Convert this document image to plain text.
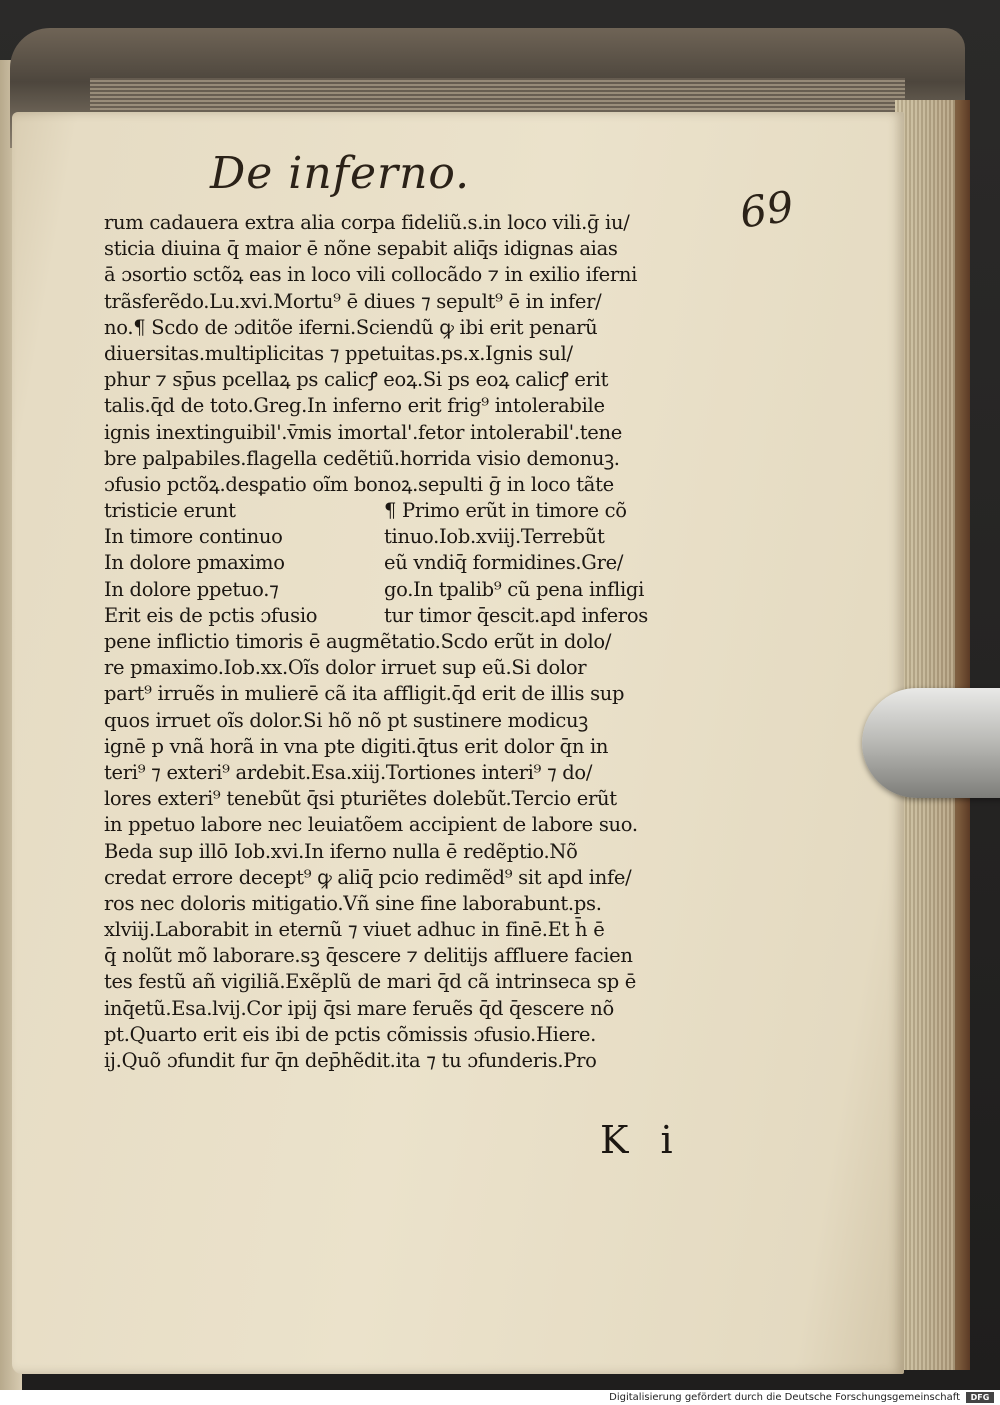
De inferno.
69
rum cadauera extra alia corpa fideliũ.s.in loco vili.ḡ iu/
sticia diuina q̄ maior ē nõne sepabit aliq̄s idignas aias
ā ɔsortio sctõꝝ eas in loco vili collocãdo ⁊ in exilio iferni
trãsferẽdo.Lu.xvi.Mortu⁹ ē diues ⁊ sepult⁹ ē in infer/
no.¶ Scdo de ɔditõe iferni.Sciendũ ꝙ ibi erit penarũ
diuersitas.multiplicitas ⁊ ppetuitas.ps.x.Ignis sul/
phur ⁊ sp̄us pcellaꝝ ps calicꝭ eoꝝ.Si ps eoꝝ calicꝭ erit
talis.q̄d de toto.Greg.In inferno erit frig⁹ intolerabile
ignis inextinguibil'.v̄mis imortal'.fetor intolerabil'.tene
bre palpabiles.flagella cedẽtiũ.horrida visio demonuꝫ.
ɔfusio pctõꝝ.desꝑatio oĩm bonoꝝ.sepulti ḡ in loco tãte
tristicie erunt
In timore continuo
In dolore pmaximo
In dolore ppetuo.⁊
Erit eis de pctis ɔfusio
¶ Primo erũt in timore cõ
tinuo.Iob.xviij.Terrebũt
eũ vndiq̄ formidines.Gre/
go.In tpalib⁹ cũ pena infligi
tur timor q̄escit.apd inferos
pene inflictio timoris ē augmẽtatio.Scdo erũt in dolo/
re pmaximo.Iob.xx.Oĩs dolor irruet sup eũ.Si dolor
part⁹ irruẽs in mulierē cã ita affligit.q̄d erit de illis sup
quos irruet oĩs dolor.Si hõ nõ pt sustinere modicuꝫ
ignē p vnã horã in vna pte digiti.q̄tus erit dolor q̄n in
teri⁹ ⁊ exteri⁹ ardebit.Esa.xiij.Tortiones interi⁹ ⁊ do/
lores exteri⁹ tenebũt q̄si pturiẽtes dolebũt.Tercio erũt
in ppetuo labore nec leuiatõem accipient de labore suo.
Beda sup illō Iob.xvi.In iferno nulla ē redẽptio.Nõ
credat errore decept⁹ ꝙ aliq̄ pcio redimẽd⁹ sit apd infe/
ros nec doloris mitigatio.Vñ sine fine laborabunt.ps.
xlviij.Laborabit in eternũ ⁊ viuet adhuc in finē.Et h̄ ē
q̄ nolũt mõ laborare.sꝫ q̄escere ⁊ delitijs affluere facien
tes festũ añ vigiliã.Exẽplũ de mari q̄d cã intrinseca sp ē
inq̄etũ.Esa.lvij.Cor ipij q̄si mare feruẽs q̄d q̄escere nõ
pt.Quarto erit eis ibi de pctis cõmissis ɔfusio.Hiere.
ij.Quõ ɔfundit fur q̄n dep̄hẽdit.ita ⁊ tu ɔfunderis.Pro
K i
Digitalisierung gefördert durch die Deutsche Forschungsgemeinschaft	DFG
